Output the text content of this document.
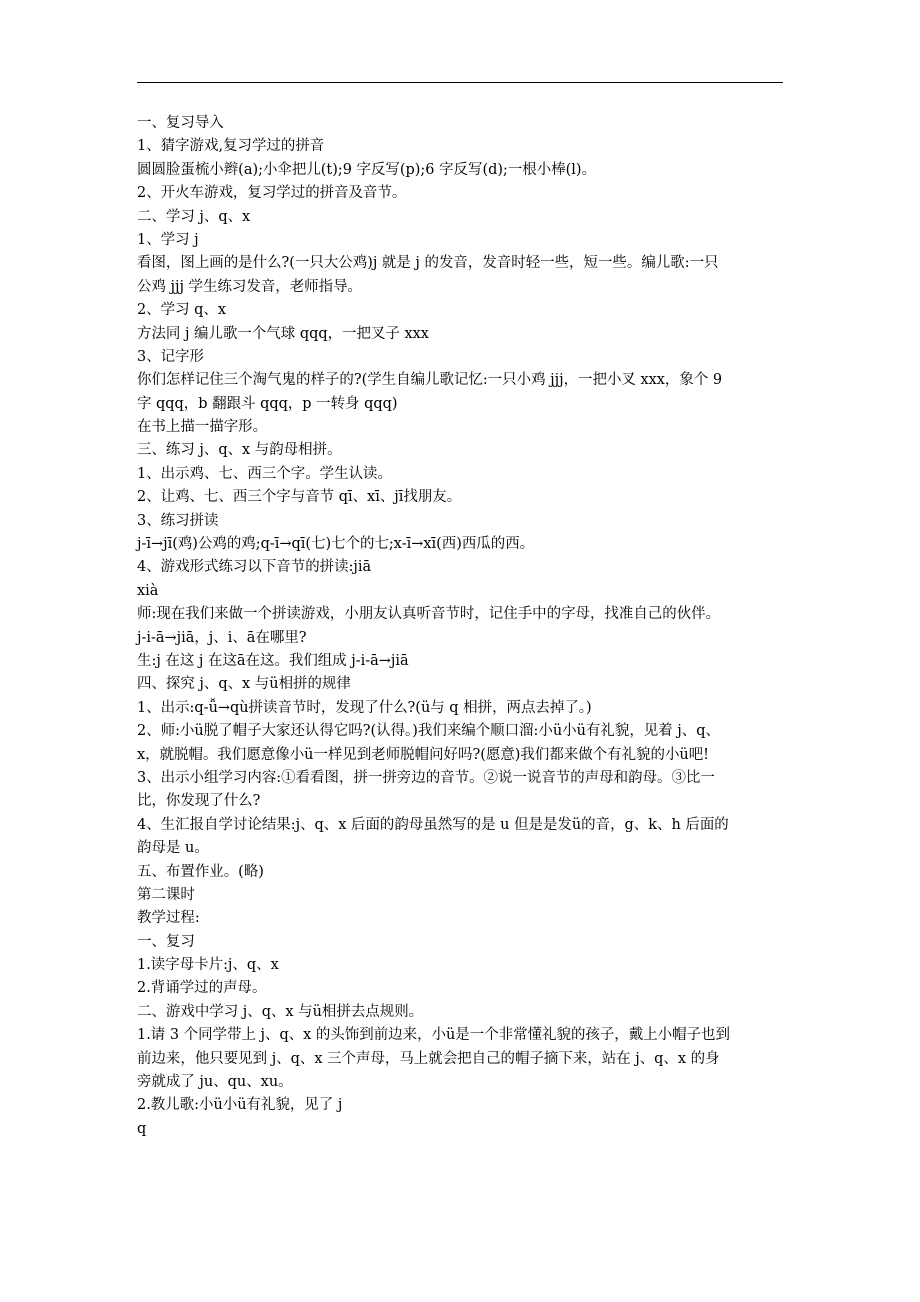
一、复习导入
1、猜字游戏,复习学过的拼音
圆圆脸蛋梳小辫(a);小伞把儿(t);9 字反写(p);6 字反写(d);一根小棒(l)。
2、开火车游戏，复习学过的拼音及音节。
二、学习 j、q、x
1、学习 j
看图，图上画的是什么?(一只大公鸡)j 就是 j 的发音，发音时轻一些，短一些。编儿歌:一只
公鸡 jjj 学生练习发音，老师指导。
2、学习 q、x
方法同 j 编儿歌一个气球 qqq，一把叉子 xxx
3、记字形
你们怎样记住三个淘气鬼的样子的?(学生自编儿歌记忆:一只小鸡 jjj，一把小叉 xxx，象个 9
字 qqq，b 翻跟斗 qqq，p 一转身 qqq)
在书上描一描字形。
三、练习 j、q、x 与韵母相拼。
1、出示鸡、七、西三个字。学生认读。
2、让鸡、七、西三个字与音节 qī、xī、jī找朋友。
3、练习拼读
j-ī→jī(鸡)公鸡的鸡;q-ī→qī(七)七个的七;x-ī→xī(西)西瓜的西。
4、游戏形式练习以下音节的拼读:jiā
xià
师:现在我们来做一个拼读游戏，小朋友认真听音节时，记住手中的字母，找准自己的伙伴。
j-i-ā→jiā，j、i、ā在哪里?
生:j 在这 j 在这ā在这。我们组成 j-i-ā→jiā
四、探究 j、q、x 与ü相拼的规律
1、出示:q-ǚ→qù拼读音节时，发现了什么?(ü与 q 相拼，两点去掉了。)
2、师:小ü脱了帽子大家还认得它吗?(认得。)我们来编个顺口溜:小ü小ü有礼貌，见着 j、q、
x，就脱帽。我们愿意像小ü一样见到老师脱帽问好吗?(愿意)我们都来做个有礼貌的小ü吧!
3、出示小组学习内容:①看看图，拼一拼旁边的音节。②说一说音节的声母和韵母。③比一
比，你发现了什么?
4、生汇报自学讨论结果:j、q、x 后面的韵母虽然写的是 u 但是是发ü的音，g、k、h 后面的
韵母是 u。
五、布置作业。(略)
第二课时
教学过程:
一、复习
1.读字母卡片:j、q、x
2.背诵学过的声母。
二、游戏中学习 j、q、x 与ü相拼去点规则。
1.请 3 个同学带上 j、q、x 的头饰到前边来，小ü是一个非常懂礼貌的孩子，戴上小帽子也到
前边来，他只要见到 j、q、x 三个声母，马上就会把自己的帽子摘下来，站在 j、q、x 的身
旁就成了 ju、qu、xu。
2.教儿歌:小ü小ü有礼貌，见了 j
q
